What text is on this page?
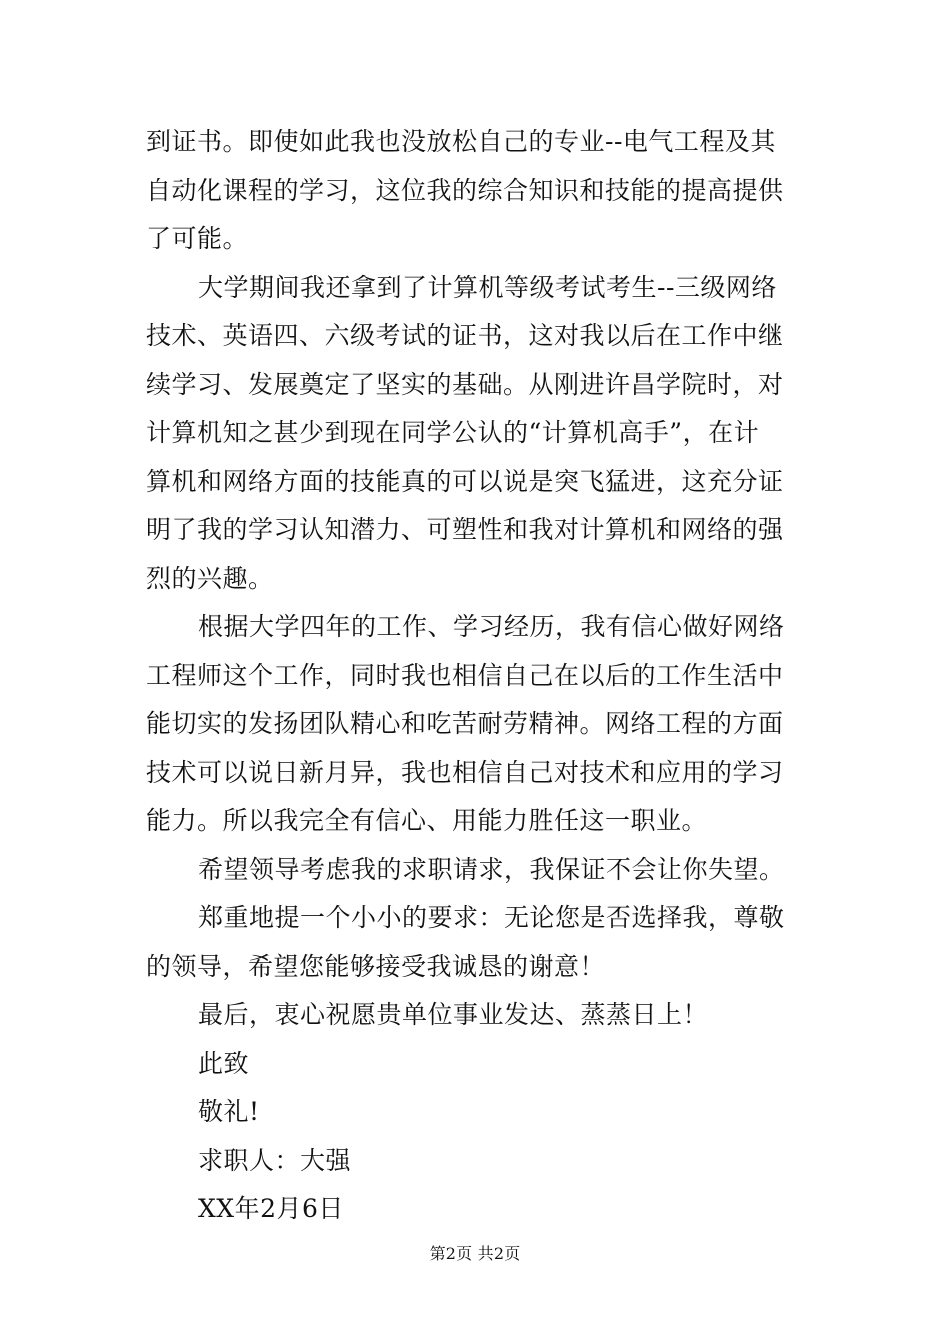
到证书。即使如此我也没放松自己的专业--电气工程及其
自动化课程的学习，这位我的综合知识和技能的提高提供
了可能。
大学期间我还拿到了计算机等级考试考生--三级网络
技术、英语四、六级考试的证书，这对我以后在工作中继
续学习、发展奠定了坚实的基础。从刚进许昌学院时，对
计算机知之甚少到现在同学公认的“计算机高手”，在计
算机和网络方面的技能真的可以说是突飞猛进，这充分证
明了我的学习认知潜力、可塑性和我对计算机和网络的强
烈的兴趣。
根据大学四年的工作、学习经历，我有信心做好网络
工程师这个工作，同时我也相信自己在以后的工作生活中
能切实的发扬团队精心和吃苦耐劳精神。网络工程的方面
技术可以说日新月异，我也相信自己对技术和应用的学习
能力。所以我完全有信心、用能力胜任这一职业。
希望领导考虑我的求职请求，我保证不会让你失望。
郑重地提一个小小的要求：无论您是否选择我，尊敬
的领导，希望您能够接受我诚恳的谢意！
最后，衷心祝愿贵单位事业发达、蒸蒸日上！
此致
敬礼!
求职人：大强
XX年2月6日
第2页 共2页
